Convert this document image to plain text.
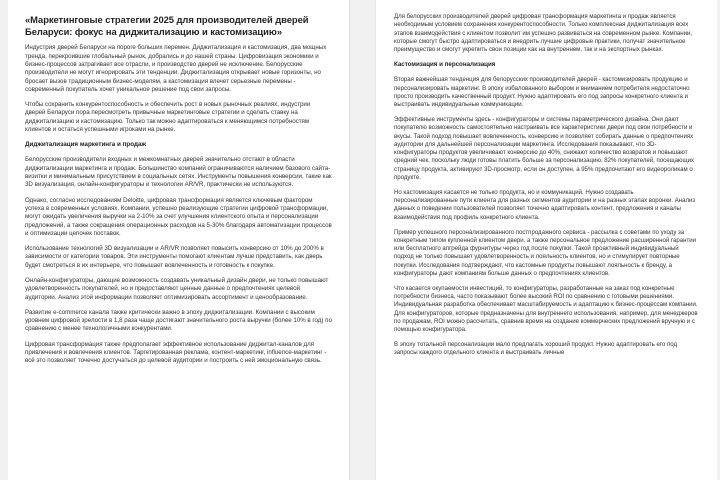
«Маркетинговые стратегии 2025 для производителей дверей Беларуси: фокус на диджитализацию и кастомизацию»
Индустрия дверей Беларуси на пороге больших перемен. Диджитализация и кастомизация, два мощных тренда, перекроившие глобальный рынок, добрались и до нашей страны. Цифровизация экономики и бизнес-процессов затрагивает все отрасли, и производство дверей не исключение. Белорусские производители не могут игнорировать эти тенденции. Диджитализация открывает новые горизонты, но бросает вызов традиционным бизнес-моделям, а кастомизация влечет серьезные перемены - современный покупатель хочет уникальное решение под свои запросы.
Чтобы сохранить конкурентоспособность и обеспечить рост в новых рыночных реалиях, индустрии дверей Беларуси пора пересмотреть привычные маркетинговые стратегии и сделать ставку на диджитализацию и кастомизацию. Только так можно адаптироваться к меняющимся потребностям клиентов и остаться успешными игроками на рынке.
Диджитализация маркетинга и продаж
Белорусские производители входных и межкомнатных дверей значительно отстают в области диджитализации маркетинга и продаж. Большинство компаний ограничиваются наличием базового сайта-визитки и минимальным присутствием в социальных сетях. Инструменты повышения конверсии, такие как 3D визуализация, онлайн-конфигураторы и технологии AR/VR, практически не используются.
Однако, согласно исследованиям Deloitte, цифровая трансформация является ключевым фактором успеха в современных условиях. Компании, успешно реализующие стратегии цифровой трансформации, могут ожидать увеличения выручки на 2-10% за счет улучшения клиентского опыта и персонализации предложений, а также сокращения операционных расходов на 5-30% благодаря автоматизации процессов и оптимизации цепочек поставок.
Использование технологий 3D визуализации и AR/VR позволяет повысить конверсию от 10% до 200% в зависимости от категории товаров. Эти инструменты помогают клиентам лучше представить, как дверь будет смотреться в их интерьере, что повышает вовлеченность и готовность к покупке.
Онлайн-конфигураторы, дающие возможность создавать уникальный дизайн двери, не только повышают удовлетворенность покупателей, но и предоставляют ценные данные о предпочтениях целевой аудитории. Анализ этой информации позволяет оптимизировать ассортимент и ценообразование.
Развитие e-commerce канала также критически важно в эпоху диджитализации. Компании с высоким уровнем цифровой зрелости в 1,8 раза чаще достигают значительного роста выручки (более 10% в год) по сравнению с менее технологичными конкурентами.
Цифровая трансформация также предполагает эффективное использование диджитал-каналов для привлечения и вовлечения клиентов. Таргетированная реклама, контент-маркетинг, influence-маркетинг - всё это позволяет точечно достучаться до целевой аудитории и построить с ней эмоциональную связь.
Для белорусских производителей дверей цифровая трансформация маркетинга и продаж является необходимым условием сохранения конкурентоспособности. Только комплексная диджитализация всех этапов взаимодействия с клиентом позволит им успешно развиваться на современном рынке. Компании, которые смогут быстро адаптироваться и внедрить лучшие цифровые практики, получат значительное преимущество и смогут укрепить свои позиции как на внутреннем, так и на экспортных рынках.
Кастомизация и персонализация
Вторая важнейшая тенденция для белорусских производителей дверей - кастомизировать продукцию и персонализировать маркетинг. В эпоху избалованного выбором и вниманием потребителя недостаточно просто производить качественный продукт. Нужно адаптировать его под запросы конкретного клиента и выстраивать индивидуальные коммуникации.
Эффективные инструменты здесь - конфигураторы и системы параметрического дизайна. Они дают покупателю возможность самостоятельно настраивать все характеристики двери под свои потребности и вкусы. Такой подход повышает вовлеченность, конверсию и позволяет собирать данные о предпочтениях аудитории для дальнейшей персонализации маркетинга. Исследования показывают, что 3D-конфигураторы продуктов увеличивают конверсию до 40%, снижают количество возвратов и повышают средний чек, поскольку люди готовы платить больше за персонализацию. 82% покупателей, посещающих страницу продукта, активируют 3D-просмотр, если он доступен, а 95% предпочитают его видеороликам о продукте.
Но кастомизация касается не только продукта, но и коммуникаций. Нужно создавать персонализированные пути клиента для разных сегментов аудитории и на разных этапах воронки. Анализ данных о поведении пользователей позволяет точечно адаптировать контент, предложения и каналы взаимодействия под профиль конкретного клиента.
Пример успешного персонализированного постпродажного сервиса - рассылка с советами по уходу за конкретным типом купленной клиентом двери, а также персональное предложение расширенной гарантии или бесплатного апгрейда фурнитуры через год после покупки. Такой проактивный индивидуальный подход не только повышает удовлетворенность и лояльность клиентов, но и стимулирует повторные покупки. Исследования подтверждают, что кастомные продукты повышают лояльность к бренду, а конфигураторы дают компаниям больше данных о предпочтениях клиентов.
Что касается окупаемости инвестиций, то конфигураторы, разработанные на заказ под конкретные потребности бизнеса, часто показывают более высокий ROI по сравнению с готовыми решениями. Индивидуальная разработка обеспечивает масштабируемость и адаптацию к бизнес-процессам компании. Для конфигураторов, которые предназначены для внутреннего использования, например, для менеджеров по продажам, ROI можно рассчитать, сравнив время на создание коммерческих предложений вручную и с помощью конфигуратора.
В эпоху тотальной персонализации мало предлагать хороший продукт. Нужно адаптировать его под запросы каждого отдельного клиента и выстраивать личные
